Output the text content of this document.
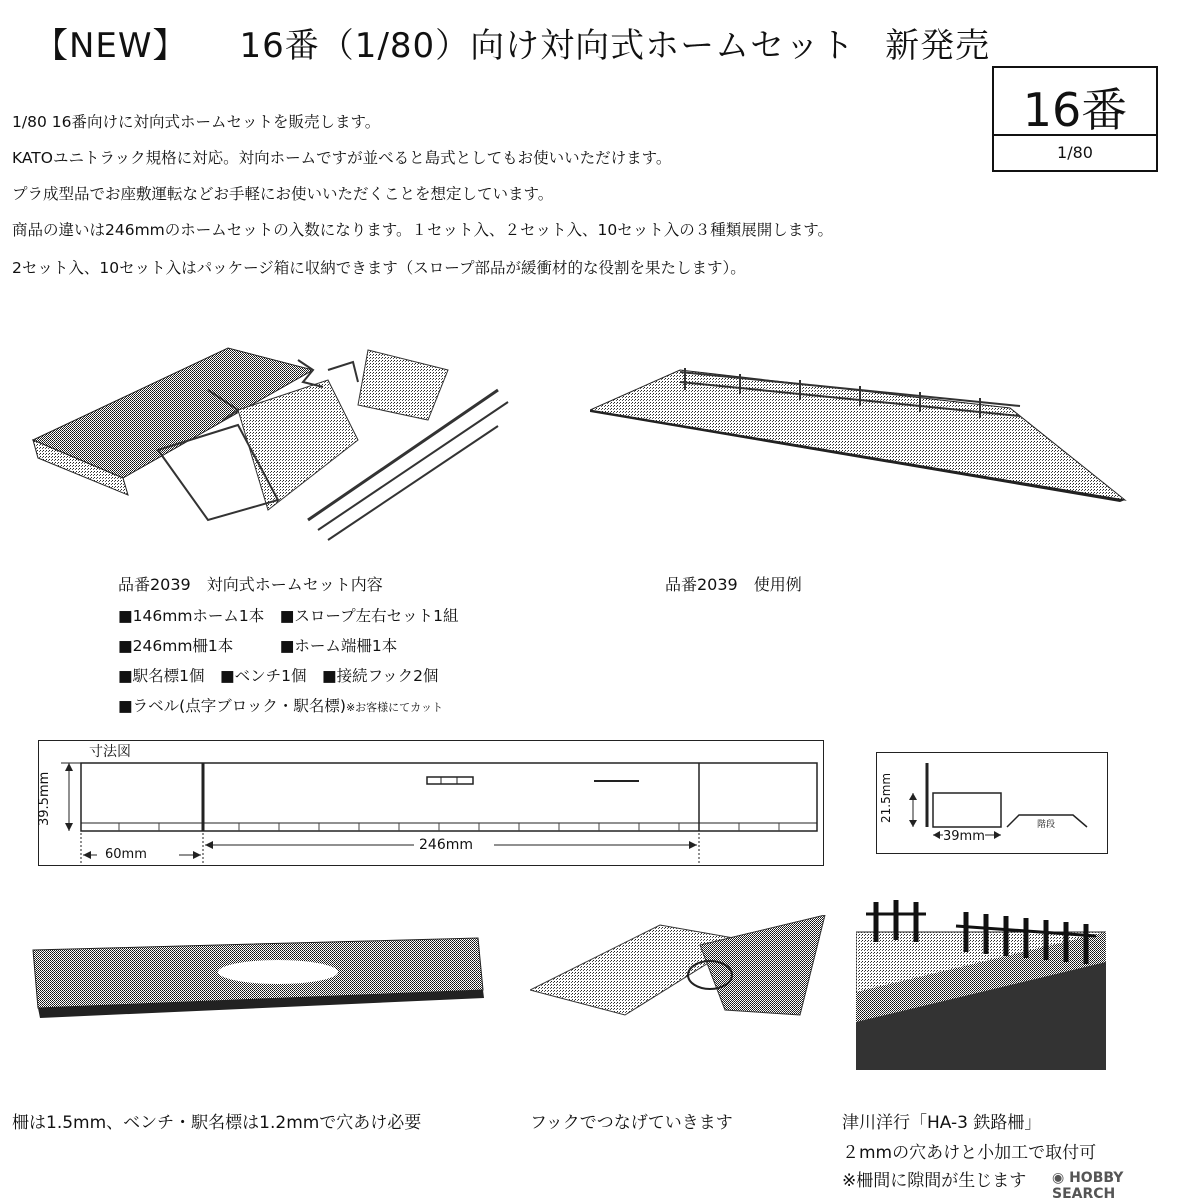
【NEW】 16番（1/80）向け対向式ホームセット 新発売
16番
1/80
1/80 16番向けに対向式ホームセットを販売します。
KATOユニトラック規格に対応。対向ホームですが並べると島式としてもお使いいただけます。
プラ成型品でお座敷運転などお手軽にお使いいただくことを想定しています。
商品の違いは246mmのホームセットの入数になります。１セット入、２セット入、10セット入の３種類展開します。
2セット入、10セット入はパッケージ箱に収納できます（スロープ部品が緩衝材的な役割を果たします）。
品番2039　対向式ホームセット内容	品番2039　使用例
■146mmホーム1本　■スロープ左右セット1組
■246mm柵1本　　　■ホーム端柵1本
■駅名標1個　■ベンチ1個　■接続フック2個
■ラベル(点字ブロック・駅名標)※お客様にてカット
寸法図
39.5mm
60mm
246mm
21.5mm
39mm
階段
柵は1.5mm、ベンチ・駅名標は1.2mmで穴あけ必要	フックでつなげていきます	津川洋行「HA-3 鉄路柵」
２mmの穴あけと小加工で取付可
※柵間に隙間が生じます ◉ HOBBY SEARCH
